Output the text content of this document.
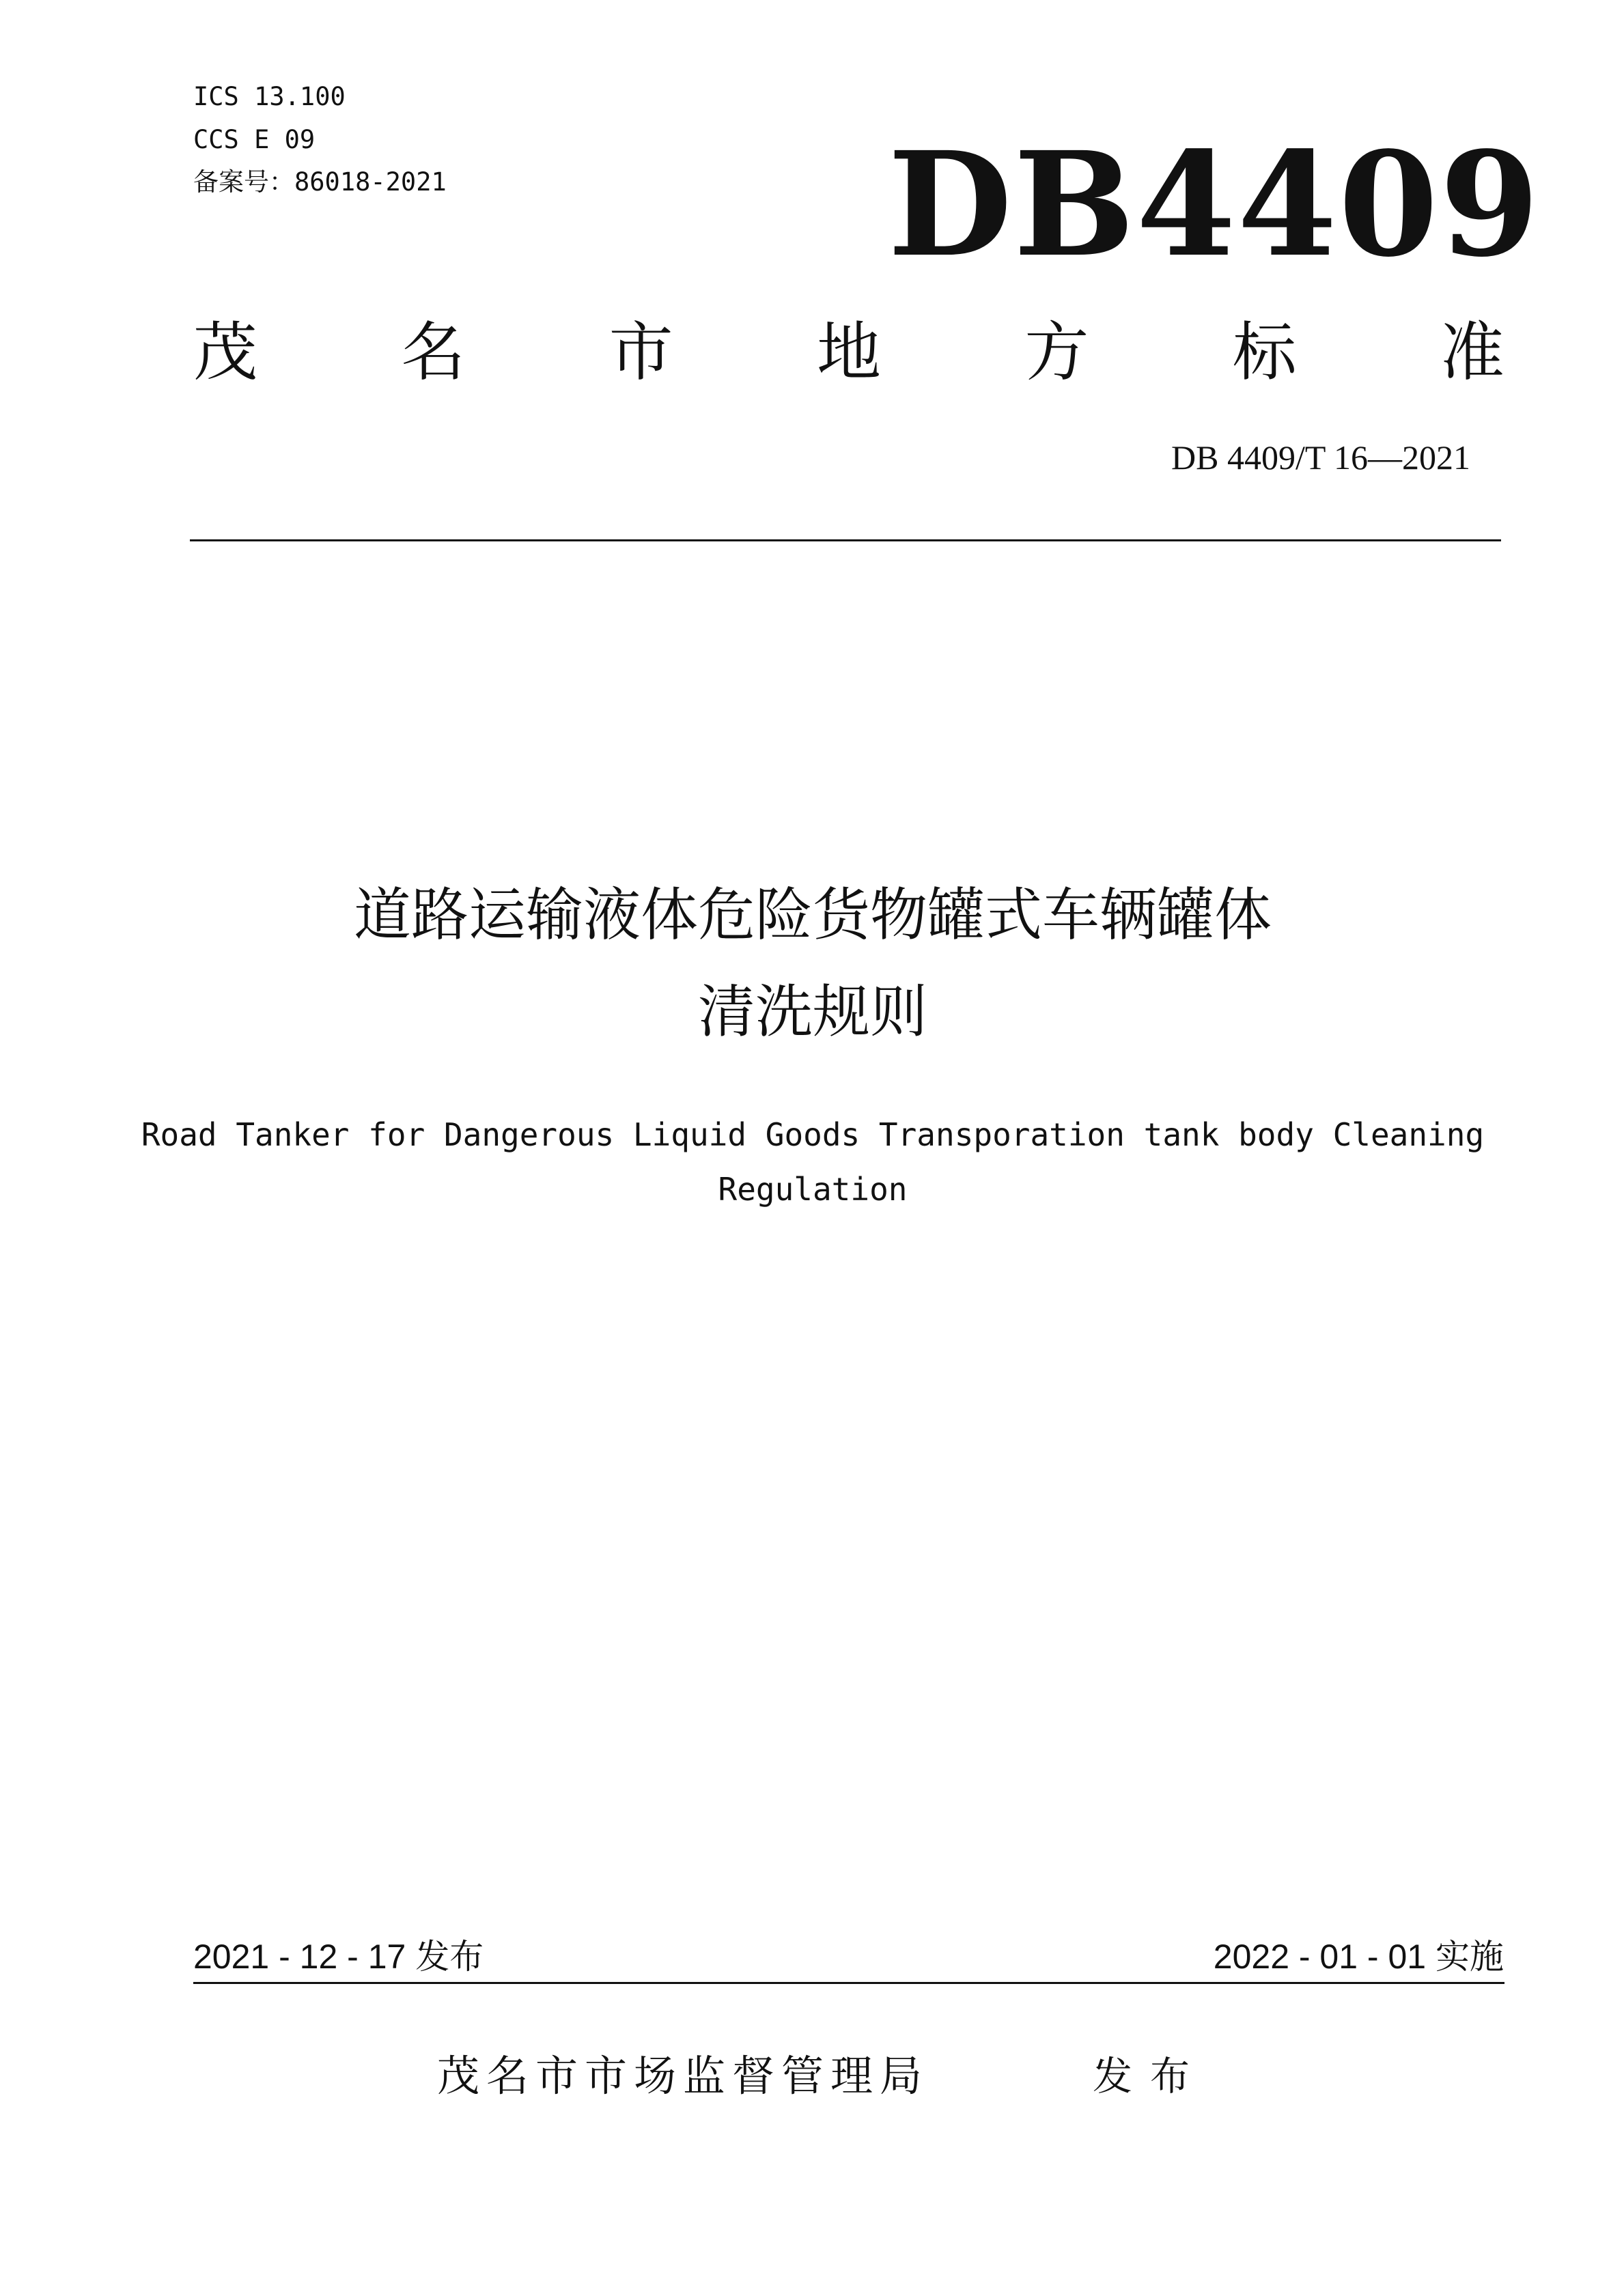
ICS 13.100
CCS E 09
备案号：86018-2021	DB4409
茂 名 市 地 方 标 准
DB 4409/T 16—2021
道路运输液体危险货物罐式车辆罐体
清洗规则
Road Tanker for Dangerous Liquid Goods Transporation tank body Cleaning
Regulation
2021 - 12 - 17 发布	2022 - 01 - 01 实施
茂名市市场监督管理局	发布
